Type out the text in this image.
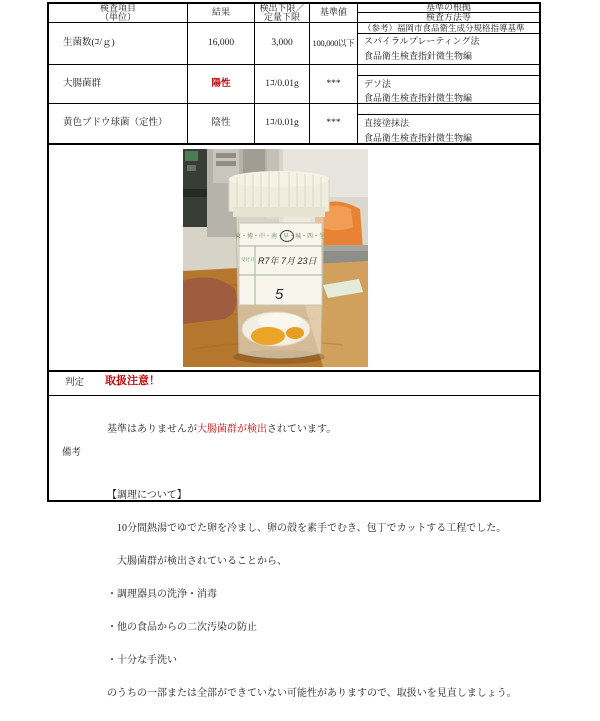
検査項目
（単位）	結果	検出下限／
定量下限	基準値	基準の根拠
検査方法等
生菌数(ｺ/ｇ)	16,000	3,000	100,000以下
（参考）福岡市食品衛生成分規格指導基準
スパイラルプレーティング法
食品衛生検査指針微生物編
大腸菌群	陽性	1ｺ/0.01g	***	デソ法
食品衛生検査指針微生物編
黄色ブドウ球菌（定性）	陰性	1ｺ/0.01g	***	直接塗抹法
食品衛生検査指針微生物編
東・博・中・南・早・城・西・生
受付日 R7年 7月 23日
5
判定 取扱注意！
備考

基準はありませんが大腸菌群が検出されています。

【調理について】

　10分間熱湯でゆでた卵を冷まし、卵の殻を素手でむき、包丁でカットする工程でした。

　大腸菌群が検出されていることから、

・調理器具の洗浄・消毒

・他の食品からの二次汚染の防止

・十分な手洗い

のうちの一部または全部ができていない可能性がありますので、取扱いを見直しましょう。
